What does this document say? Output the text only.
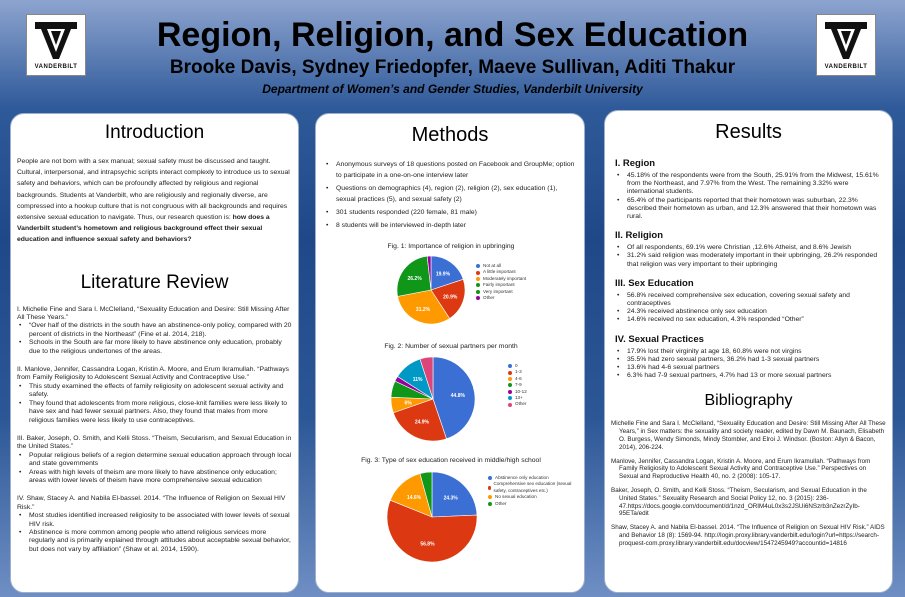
VANDERBILT
Region, Religion, and Sex Education
Brooke Davis, Sydney Friedopfer, Maeve Sullivan, Aditi Thakur
Department of Women’s and Gender Studies, Vanderbilt University
VANDERBILT
Introduction
People are not born with a sex manual; sexual safety must be discussed and taught. Cultural, interpersonal, and intrapsychic scripts interact complexly to introduce us to sexual safety and behaviors, which can be profoundly affected by religious and regional backgrounds. Students at Vanderbilt, who are religiously and regionally diverse, are compressed into a hookup culture that is not congruous with all backgrounds and requires extensive sexual education to navigate. Thus, our research question is: how does a Vanderbilt student’s hometown and religious background effect their sexual education and influence sexual safety and behaviors?
Literature Review

I. Michelle Fine and Sara I. McClelland, “Sexuality Education and Desire: Still Missing After All These Years.”

• “Over half of the districts in the south have an abstinence-only policy, compared with 20 percent of districts in the Northeast” (Fine et al. 2014, 218).
• Schools in the South are far more likely to have abstinence only education, probably due to the religious undertones of the areas.

II. Manlove, Jennifer, Cassandra Logan, Kristin A. Moore, and Erum Ikramullah. “Pathways from Family Religiosity to Adolescent Sexual Activity and Contraceptive Use.”

• This study examined the effects of family religiosity on adolescent sexual activity and safety.
• They found that adolescents from more religious, close-knit families were less likely to have sex and had fewer sexual partners. Also, they found that males from more religious families were less likely to use contraceptives.

III. Baker, Joseph, O. Smith, and Kelli Stoss. “Theism, Secularism, and Sexual Education in the United States.”

• Popular religious beliefs of a region determine sexual education approach through local and state governments
• Areas with high levels of theism are more likely to have abstinence only education; areas with lower levels of theism have more comprehensive sexual education

IV. Shaw, Stacey A. and Nabila El-bassel. 2014. “The Influence of Religion on Sexual HIV Risk.”

• Most studies identified increased religiosity to be associated with lower levels of sexual HIV risk.
• Abstinence is more common among people who attend religious services more regularly and is primarily explained through attitudes about acceptable sexual behavior, but does not vary by affiliation” (Shaw et al. 2014, 1590).
Methods
• Anonymous surveys of 18 questions posted on Facebook and GroupMe; option to participate in a one-on-one interview later
• Questions on demographics (4), region (2), religion (2), sex education (1), sexual practices (5), and sexual safety (2)
• 301 students responded (220 female, 81 male)
• 8 students will be interviewed in-depth later
Fig. 1: Importance of religion in upbringing
19.9%
20.9%
31.2%
26.2%
Not at all
A little important
Moderately important
Fairly important
Very important
Other
Fig. 2: Number of sexual partners per month
44.8%
24.9%
6%
11%
0
1-3
4-6
7-9
10-12
13+
Other
Fig. 3: Type of sex education received in middle/high school
24.3%
56.8%
14.6%
Abstinence only education
Comprehensive sex education (sexual safety, contraceptives etc.)
No sexual education
Other
Results
I. Region
• 45.18% of the respondents were from the South, 25.91% from the Midwest, 15.61% from the Northeast, and 7.97% from the West. The remaining 3.32% were international students.
• 65.4% of the participants reported that their hometown was suburban, 22.3% described their hometown as urban, and 12.3% answered that their hometown was rural.
II. Religion
• Of all respondents, 69.1% were Christian ,12.6% Atheist, and 8.6% Jewish
• 31.2% said religion was moderately important in their upbringing, 26.2% responded that religion was very important to their upbringing
III. Sex Education
• 56.8% received comprehensive sex education, covering sexual safety and contraceptives
• 24.3% received abstinence only sex education
• 14.6% received no sex education, 4.3% responded “Other”
IV. Sexual Practices
• 17.9% lost their virginity at age 18, 60.8% were not virgins
• 35.5% had zero sexual partners, 36.2% had 1-3 sexual partners
• 13.6% had 4-6 sexual partners
• 6.3% had 7-9 sexual partners, 4.7% had 13 or more sexual partners
Bibliography

Michelle Fine and Sara I. McClelland, “Sexuality Education and Desire: Still Missing After All These Years,” in Sex matters: the sexuality and society reader, edited by Dawn M. Baunach, Elisabeth O. Burgess, Wendy Simonds, Mindy Stombler, and Elroi J. Windsor. (Boston: Allyn & Bacon, 2014), 206-224.

Manlove, Jennifer, Cassandra Logan, Kristin A. Moore, and Erum Ikramullah. “Pathways from Family Religiosity to Adolescent Sexual Activity and Contraceptive Use.” Perspectives on Sexual and Reproductive Health 40, no. 2 (2008): 105-17.

Baker, Joseph, O. Smith, and Kelli Stoss. “Theism, Secularism, and Sexual Education in the United States.” Sexuality Research and Social Policy 12, no. 3 (2015): 236-47.https://docs.google.com/document/d/1nzd_ORIM4uL0x3s2JSUi6NSzrb3nZezrZyIb-95ETa/edit

Shaw, Stacey A. and Nabila El-bassel. 2014. “The Influence of Religion on Sexual HIV Risk.” AIDS and Behavior 18 (8): 1569-94. http://login.proxy.library.vanderbilt.edu/login?url=https://search-proquest-com.proxy.library.vanderbilt.edu/docview/1547245949?accountid=14816
